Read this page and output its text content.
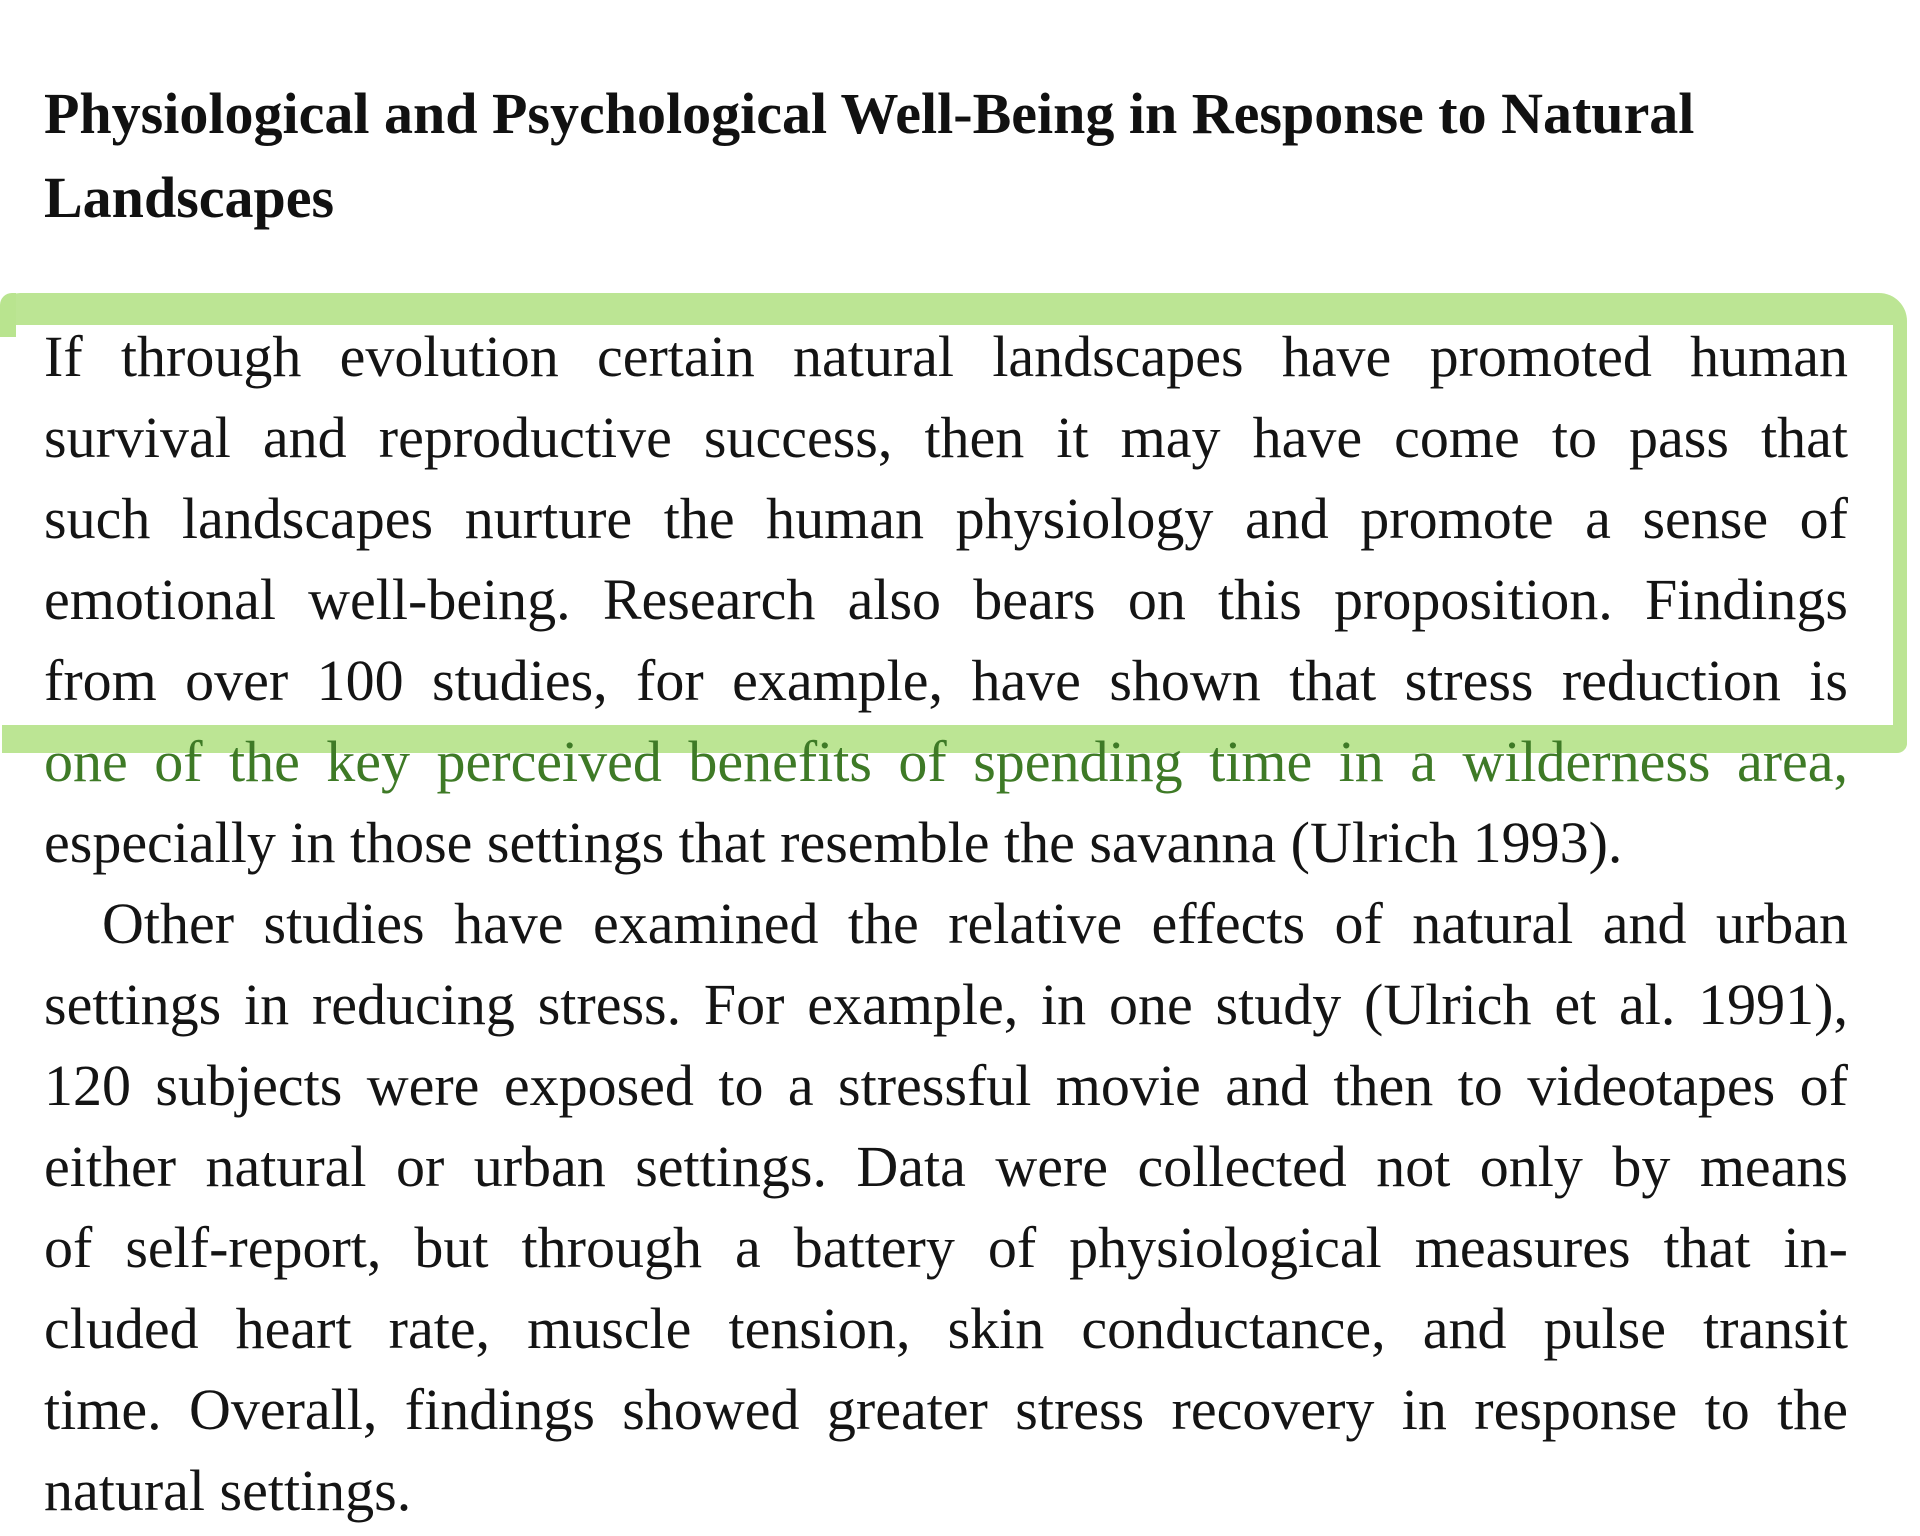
Physiological and Psychological Well-Being in Response to Natural
Landscapes

If through evolution certain natural landscapes have promoted human

survival and reproductive success, then it may have come to pass that

such landscapes nurture the human physiology and promote a sense of

emotional well-being. Research also bears on this proposition. Findings

from over 100 studies, for example, have shown that stress reduction is

one of the key perceived benefits of spending time in a wilderness area,

especially in those settings that resemble the savanna (Ulrich 1993).

Other studies have examined the relative effects of natural and urban

settings in reducing stress. For example, in one study (Ulrich et al. 1991),

120 subjects were exposed to a stressful movie and then to videotapes of

either natural or urban settings. Data were collected not only by means

of self-report, but through a battery of physiological measures that in-

cluded heart rate, muscle tension, skin conductance, and pulse transit

time. Overall, findings showed greater stress recovery in response to the

natural settings.
